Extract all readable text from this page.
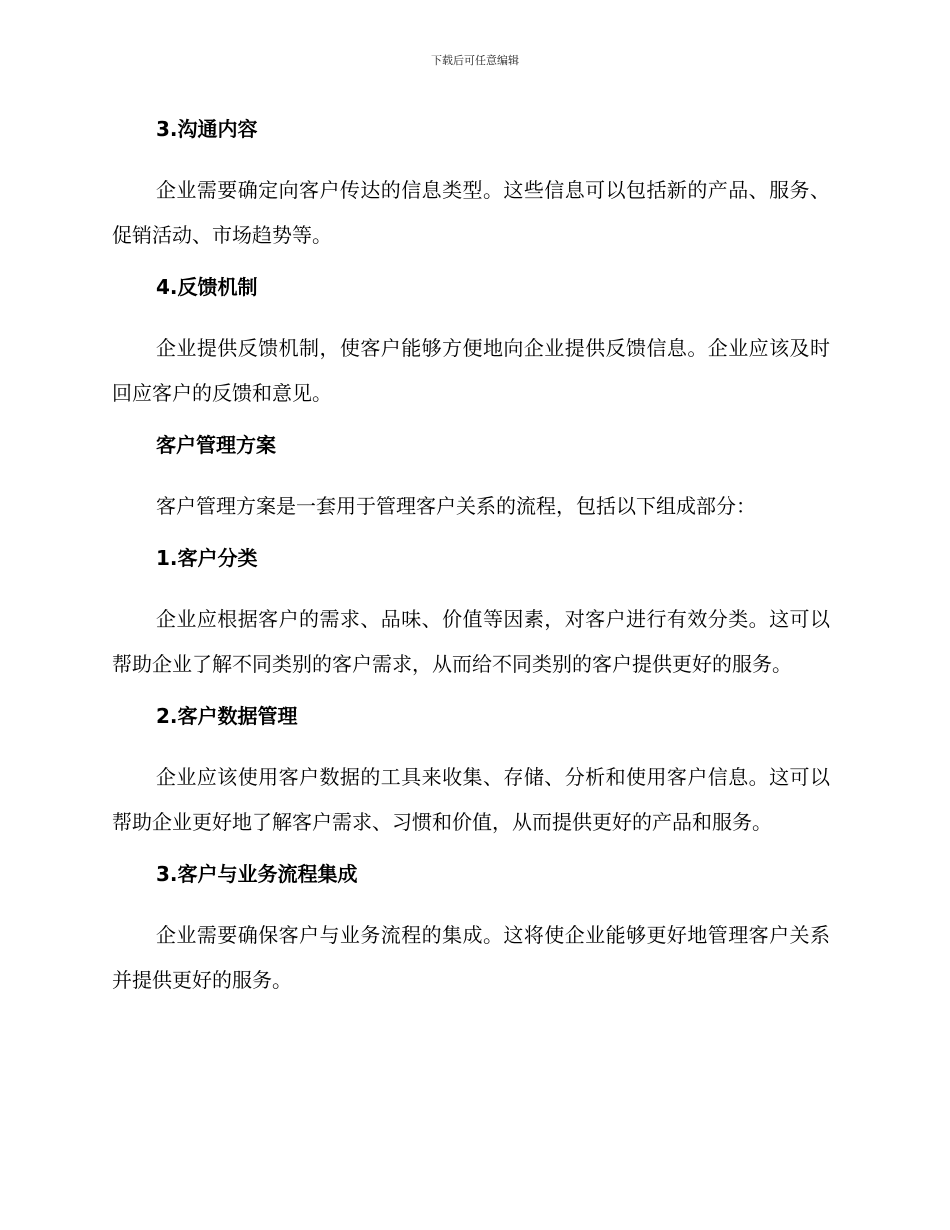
下载后可任意编辑
3.沟通内容
企业需要确定向客户传达的信息类型。这些信息可以包括新的产品、服务、促销活动、市场趋势等。
4.反馈机制
企业提供反馈机制，使客户能够方便地向企业提供反馈信息。企业应该及时回应客户的反馈和意见。
客户管理方案
客户管理方案是一套用于管理客户关系的流程，包括以下组成部分：
1.客户分类
企业应根据客户的需求、品味、价值等因素，对客户进行有效分类。这可以帮助企业了解不同类别的客户需求，从而给不同类别的客户提供更好的服务。
2.客户数据管理
企业应该使用客户数据的工具来收集、存储、分析和使用客户信息。这可以帮助企业更好地了解客户需求、习惯和价值，从而提供更好的产品和服务。
3.客户与业务流程集成
企业需要确保客户与业务流程的集成。这将使企业能够更好地管理客户关系并提供更好的服务。
